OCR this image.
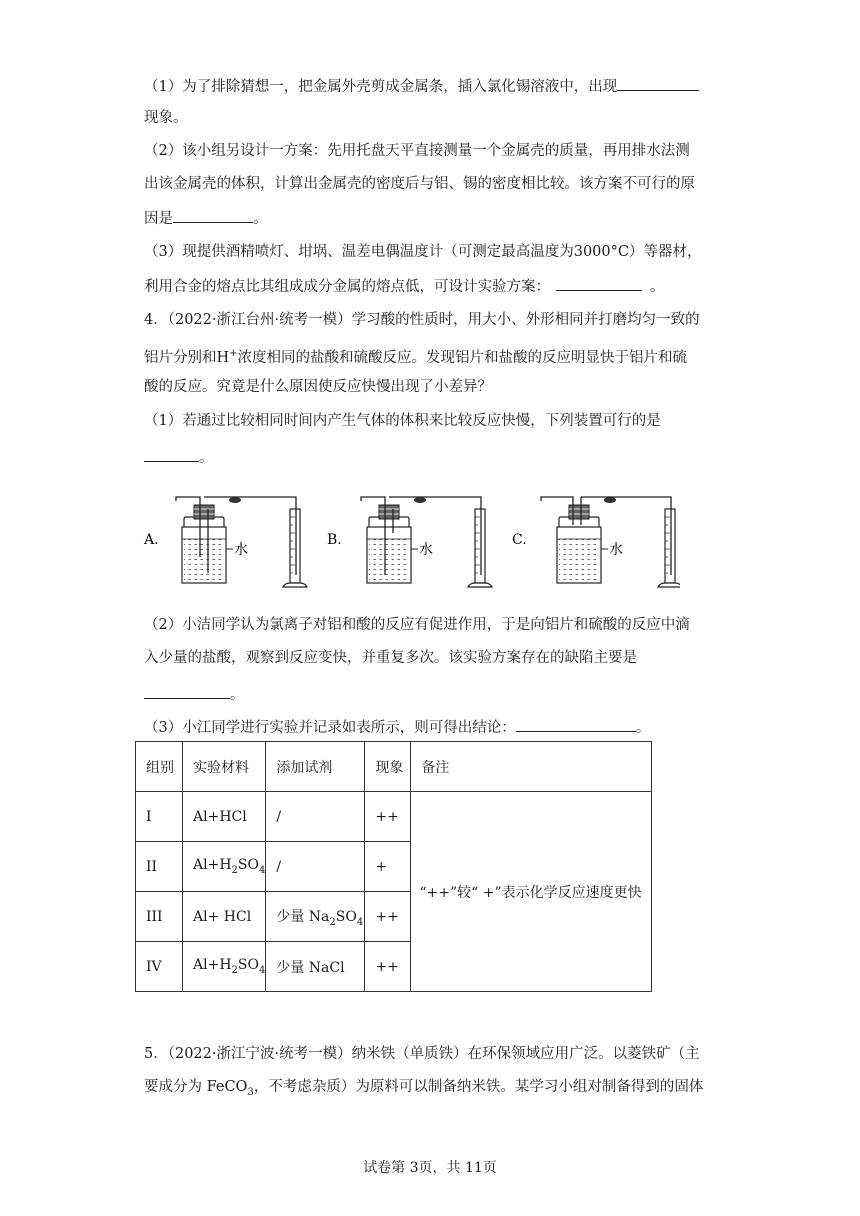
（1）为了排除猜想一，把金属外壳剪成金属条，插入氯化锡溶液中，出现
现象。
（2）该小组另设计一方案：先用托盘天平直接测量一个金属壳的质量，再用排水法测
出该金属壳的体积，计算出金属壳的密度后与铝、锡的密度相比较。该方案不可行的原
因是	。
（3）现提供酒精喷灯、坩埚、温差电偶温度计（可测定最高温度为3000°C）等器材，
利用合金的熔点比其组成成分金属的熔点低，可设计实验方案：	。
4．（2022·浙江台州·统考一模）学习酸的性质时，用大小、外形相同并打磨均匀一致的
铝片分别和H+浓度相同的盐酸和硫酸反应。发现铝片和盐酸的反应明显快于铝片和硫
酸的反应。究竟是什么原因使反应快慢出现了小差异？
（1）若通过比较相同时间内产生气体的体积来比较反应快慢，下列装置可行的是
。
A.
水
B.
水
C.
水
（2）小洁同学认为氯离子对铝和酸的反应有促进作用，于是向铝片和硫酸的反应中滴
入少量的盐酸，观察到反应变快，并重复多次。该实验方案存在的缺陷主要是
。
（3）小江同学进行实验并记录如表所示，则可得出结论：	。
组别	实验材料	添加试剂	现象	备注
I	Al+HCl	/	++	“++”较“ +”表示化学反应速度更快
II	$Al+H_2SO_4$	/	+	
III	Al+ HCl	少量 $Na_2SO_4$	++	
IV	$Al+H_2SO_4$	少量 NaCl	++	
5．（2022·浙江宁波·统考一模）纳米铁（单质铁）在环保领域应用广泛。以菱铁矿（主
要成分为 FeCO$_3$，不考虑杂质）为原料可以制备纳米铁。某学习小组对制备得到的固体
试卷第 3页，共 11页
